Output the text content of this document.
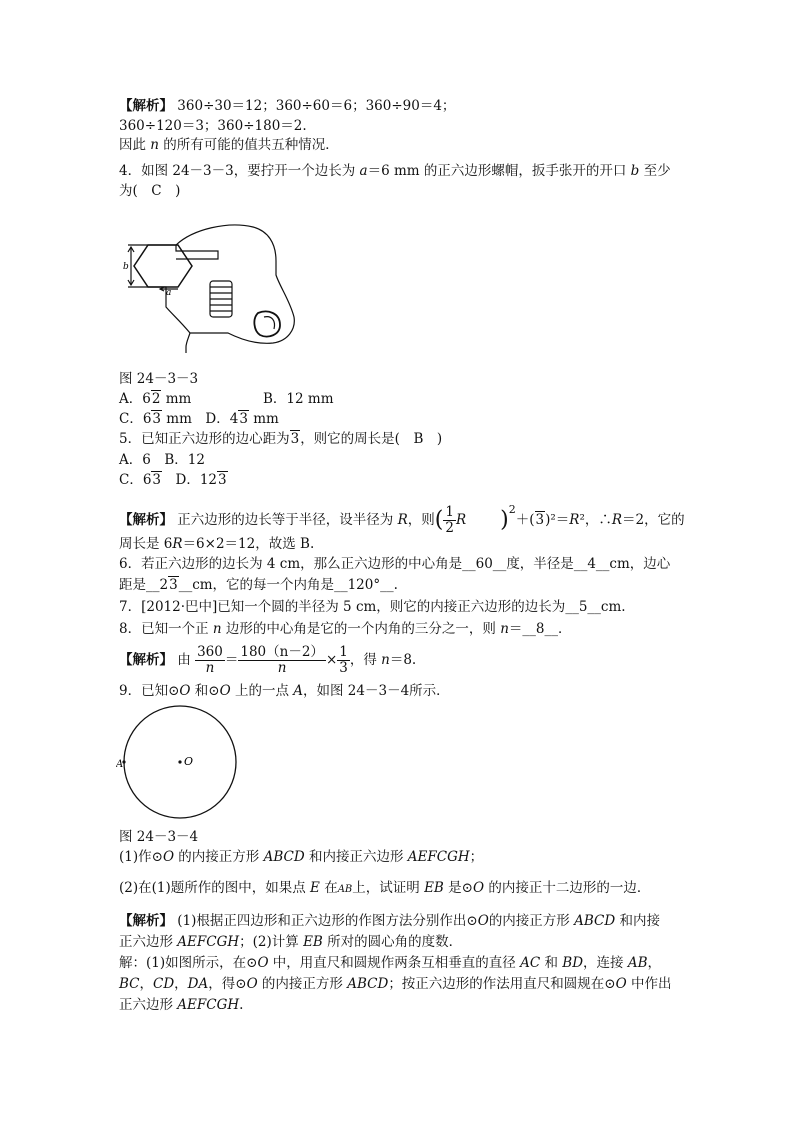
【解析】 360÷30＝12；360÷60＝6；360÷90＝4；
360÷120＝3；360÷180＝2.
因此 n 的所有可能的值共五种情况．
4．如图 24－3－3，要拧开一个边长为 a＝6 mm 的正六边形螺帽，扳手张开的开口 b 至少
为(　C　)
b
a
图 24－3－3
A．62 mm	B．12 mm
C．63 mm　D．43 mm
5．已知正六边形的边心距为3，则它的周长是(　B　)
A．6　B．12
C．63　D．123
【解析】 正六边形的边长等于半径，设半径为 R，则( $\frac{1}{2}$ R )$^2$＋(3)²＝R²，∴R＝2，它的
周长是 6R＝6×2＝12，故选 B.
6．若正六边形的边长为 4 cm，那么正六边形的中心角是__60__度，半径是__4__cm，边心
距是__23__cm，它的每一个内角是__120°__.
7．[2012·巴中]已知一个圆的半径为 5 cm，则它的内接正六边形的边长为__5__cm.
8．已知一个正 n 边形的中心角是它的一个内角的三分之一，则 n＝__8__．
【解析】 由 $\frac{360}{n} = \frac{180(n-2)}{n} \times \frac{1}{3}$ ，得 n＝8.
9．已知⊙O 和⊙O 上的一点 A，如图 24－3－4所示．
A	O
图 24－3－4
(1)作⊙O 的内接正方形 ABCD 和内接正六边形 AEFCGH；
(2)在(1)题所作的图中，如果点 E 在AB上，试证明 EB 是⊙O 的内接正十二边形的一边．
【解析】 (1)根据正四边形和正六边形的作图方法分别作出⊙O的内接正方形 ABCD 和内接
正六边形 AEFCGH；(2)计算 EB 所对的圆心角的度数．
解：(1)如图所示，在⊙O 中，用直尺和圆规作两条互相垂直的直径 AC 和 BD，连接 AB，
BC，CD，DA，得⊙O 的内接正方形 ABCD；按正六边形的作法用直尺和圆规在⊙O 中作出
正六边形 AEFCGH.
